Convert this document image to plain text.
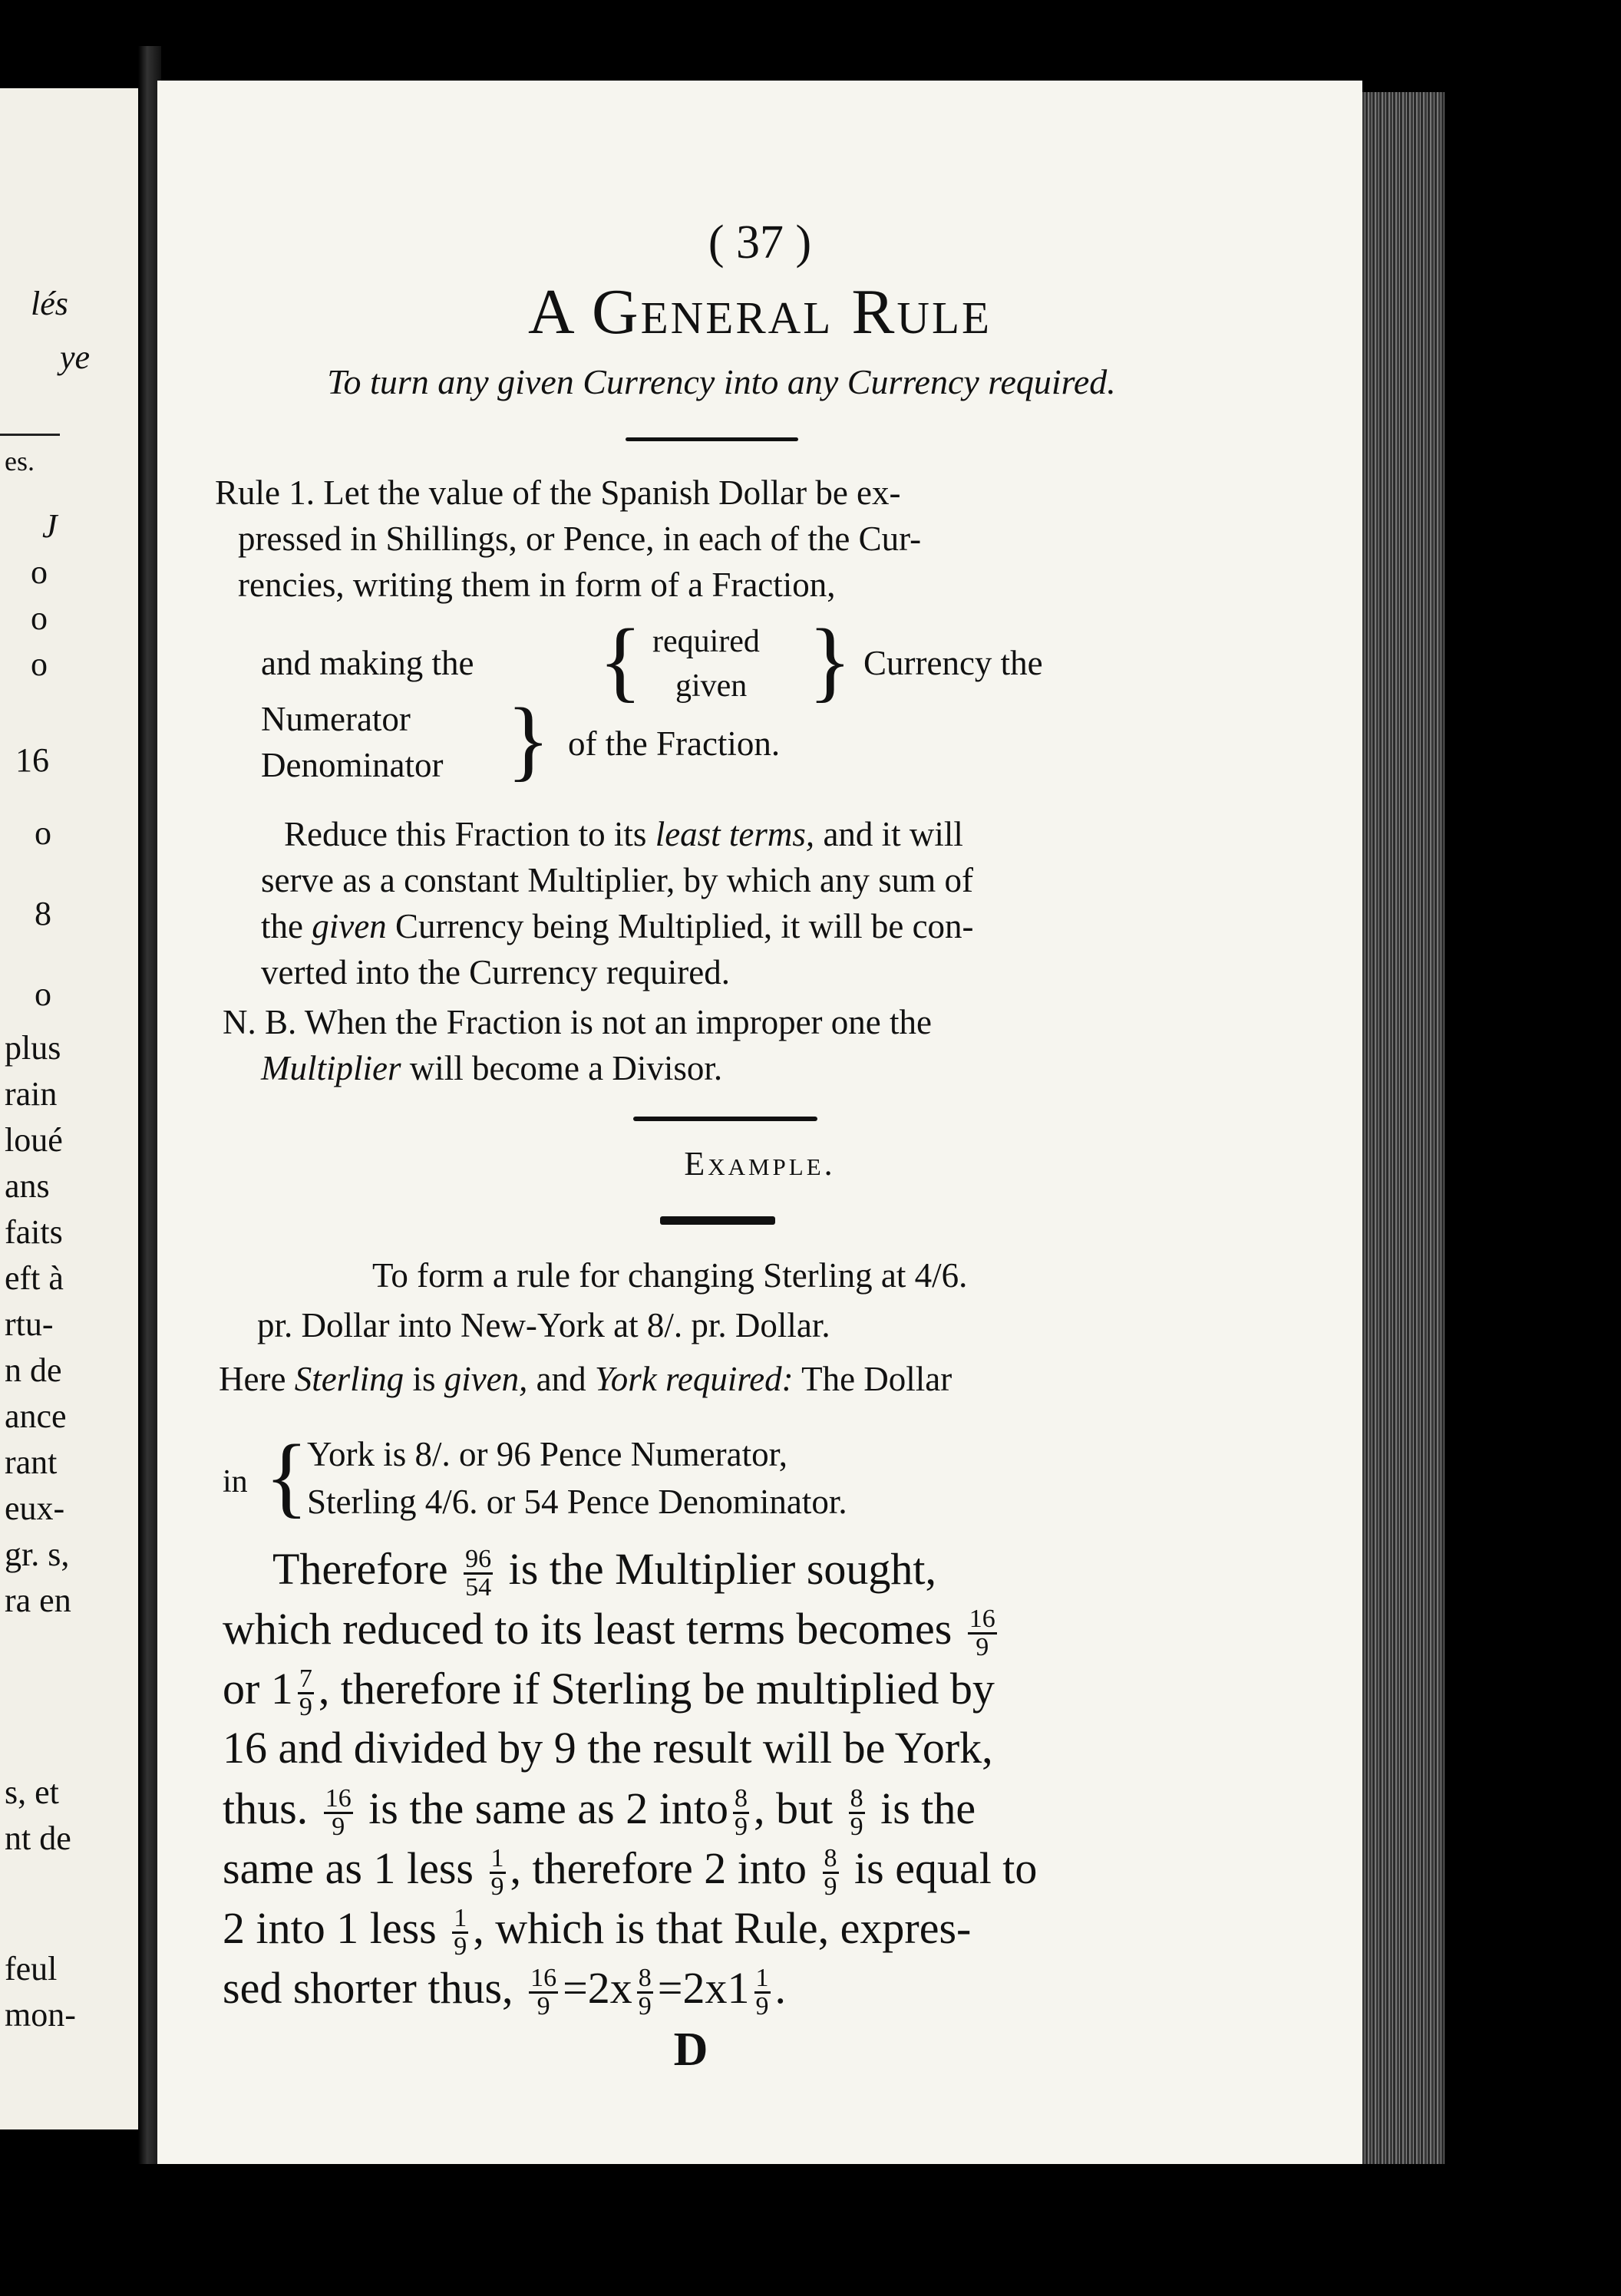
lés
ye
es.
J
o
o
o
16
o
8
o
plus
rain
loué
ans
faits
eft à
rtu-
n de
ance
rant
eux-
gr. s,
ra en
s, et
nt de
feul
mon-
( 37 )
A General Rule
To turn any given Currency into any Currency required.
Rule 1. Let the value of the Spanish Dollar be ex-
pressed in Shillings, or Pence, in each of the Cur-
rencies, writing them in form of a Fraction,
and making the { required
given } Currency the
Numerator
Denominator } of the Fraction.
Reduce this Fraction to its least terms, and it will
serve as a constant Multiplier, by which any sum of
the given Currency being Multiplied, it will be con-
verted into the Currency required.
N. B. When the Fraction is not an improper one the
Multiplier will become a Divisor.
Example.
To form a rule for changing Sterling at 4/6.
pr. Dollar into New-York at 8/. pr. Dollar.
Here Sterling is given, and York required: The Dollar
in {
York is 8/. or 96 Pence Numerator,
Sterling 4/6. or 54 Pence Denominator.
Therefore $\frac{96}{54}$ is the Multiplier sought,
which reduced to its least terms becomes $\frac{16}{9}$
or $1 \frac{7}{9}$ , therefore if Sterling be multiplied by
16 and divided by 9 the result will be York,
thus. $\frac{16}{9}$ is the same as 2 into $\frac{8}{9}$ , but $\frac{8}{9}$ is the
same as 1 less $\frac{1}{9}$ , therefore 2 into $\frac{8}{9}$ is equal to
2 into 1 less $\frac{1}{9}$ , which is that Rule, expres-
sed shorter thus, $\frac{16}{9} =2x \frac{8}{9} =2x1 \frac{1}{9}$ .
D
